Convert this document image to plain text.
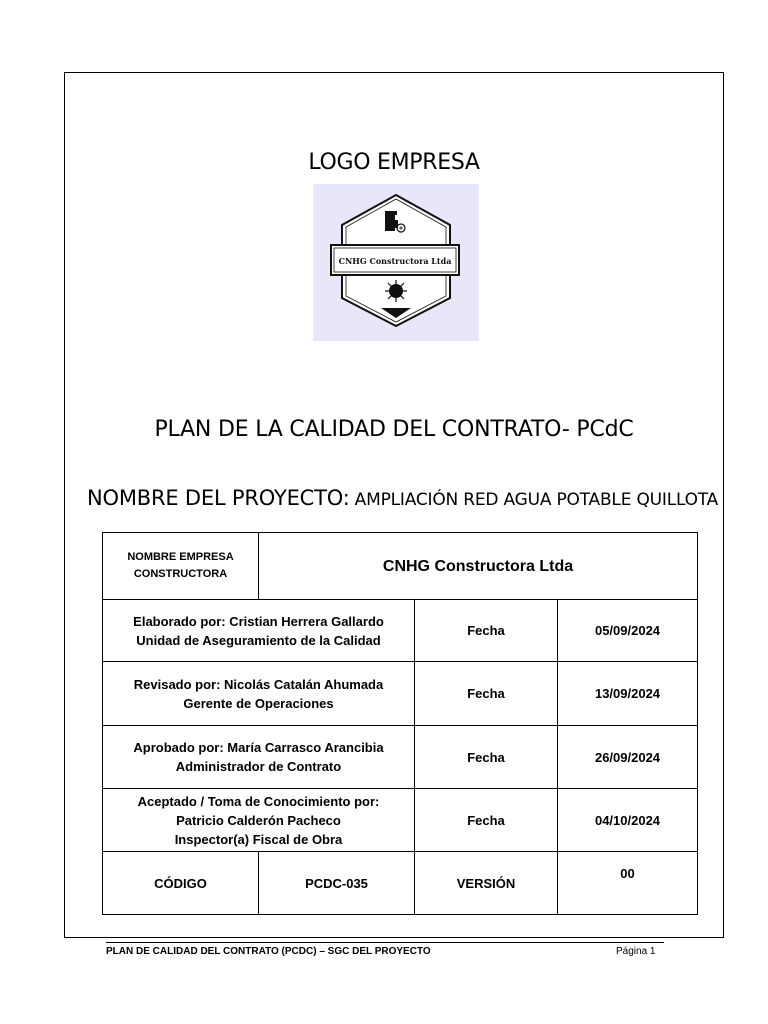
LOGO EMPRESA
CNHG Constructora Ltda
PLAN DE LA CALIDAD DEL CONTRATO- PCdC
NOMBRE DEL PROYECTO: AMPLIACIÓN RED AGUA POTABLE QUILLOTA
NOMBRE EMPRESA CONSTRUCTORA	CNHG Constructora Ltda		

Elaborado por: Cristian Herrera Gallardo
Unidad de Aseguramiento de la Calidad		Fecha	05/09/2024

Revisado por: Nicolás Catalán Ahumada
Gerente de Operaciones		Fecha	13/09/2024

Aprobado por: María Carrasco Arancibia
Administrador de Contrato		Fecha	26/09/2024

Aceptado / Toma de Conocimiento por:
Patricio Calderón Pacheco
Inspector(a) Fiscal de Obra		Fecha	04/10/2024
CÓDIGO	PCDC-035	VERSIÓN	00
PLAN DE CALIDAD DEL CONTRATO (PCDC) – SGC DEL PROYECTO	Página 1
